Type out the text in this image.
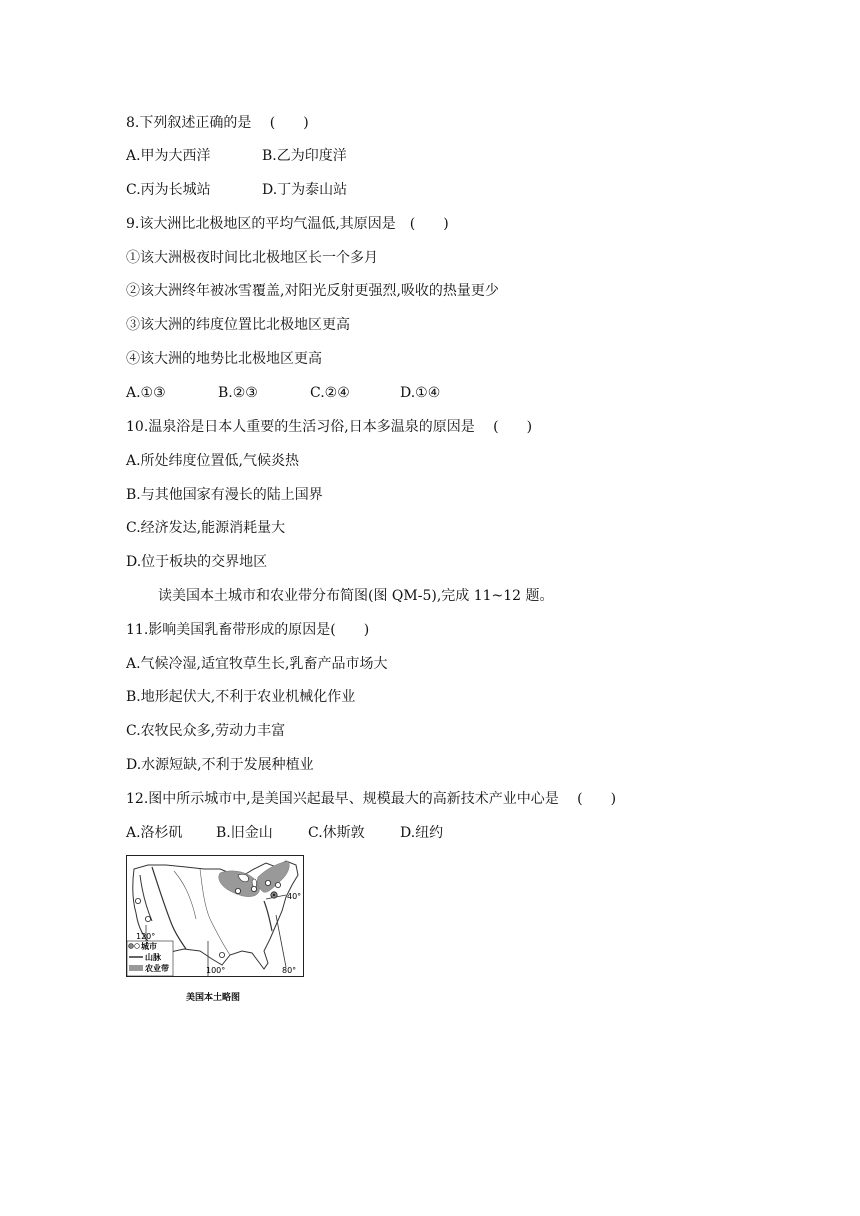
8.下列叙述正确的是　 (　　)
A.甲为大西洋	B.乙为印度洋
C.丙为长城站	D.丁为泰山站
9.该大洲比北极地区的平均气温低,其原因是　(　　)
①该大洲极夜时间比北极地区长一个多月
②该大洲终年被冰雪覆盖,对阳光反射更强烈,吸收的热量更少
③该大洲的纬度位置比北极地区更高
④该大洲的地势比北极地区更高
A.①③	B.②③	C.②④	D.①④
10.温泉浴是日本人重要的生活习俗,日本多温泉的原因是　 (　　)
A.所处纬度位置低,气候炎热
B.与其他国家有漫长的陆上国界
C.经济发达,能源消耗量大
D.位于板块的交界地区
读美国本土城市和农业带分布简图(图 QM-5),完成 11~12 题。
11.影响美国乳畜带形成的原因是(　　)
A.气候冷湿,适宜牧草生长,乳畜产品市场大
B.地形起伏大,不利于农业机械化作业
C.农牧民众多,劳动力丰富
D.水源短缺,不利于发展种植业
12.图中所示城市中,是美国兴起最早、规模最大的高新技术产业中心是　 (　　)
A.洛杉矶 B.旧金山	C.休斯敦	D.纽约
120°
100°	80°
40°
城市
山脉
农业带
美国本土略图
